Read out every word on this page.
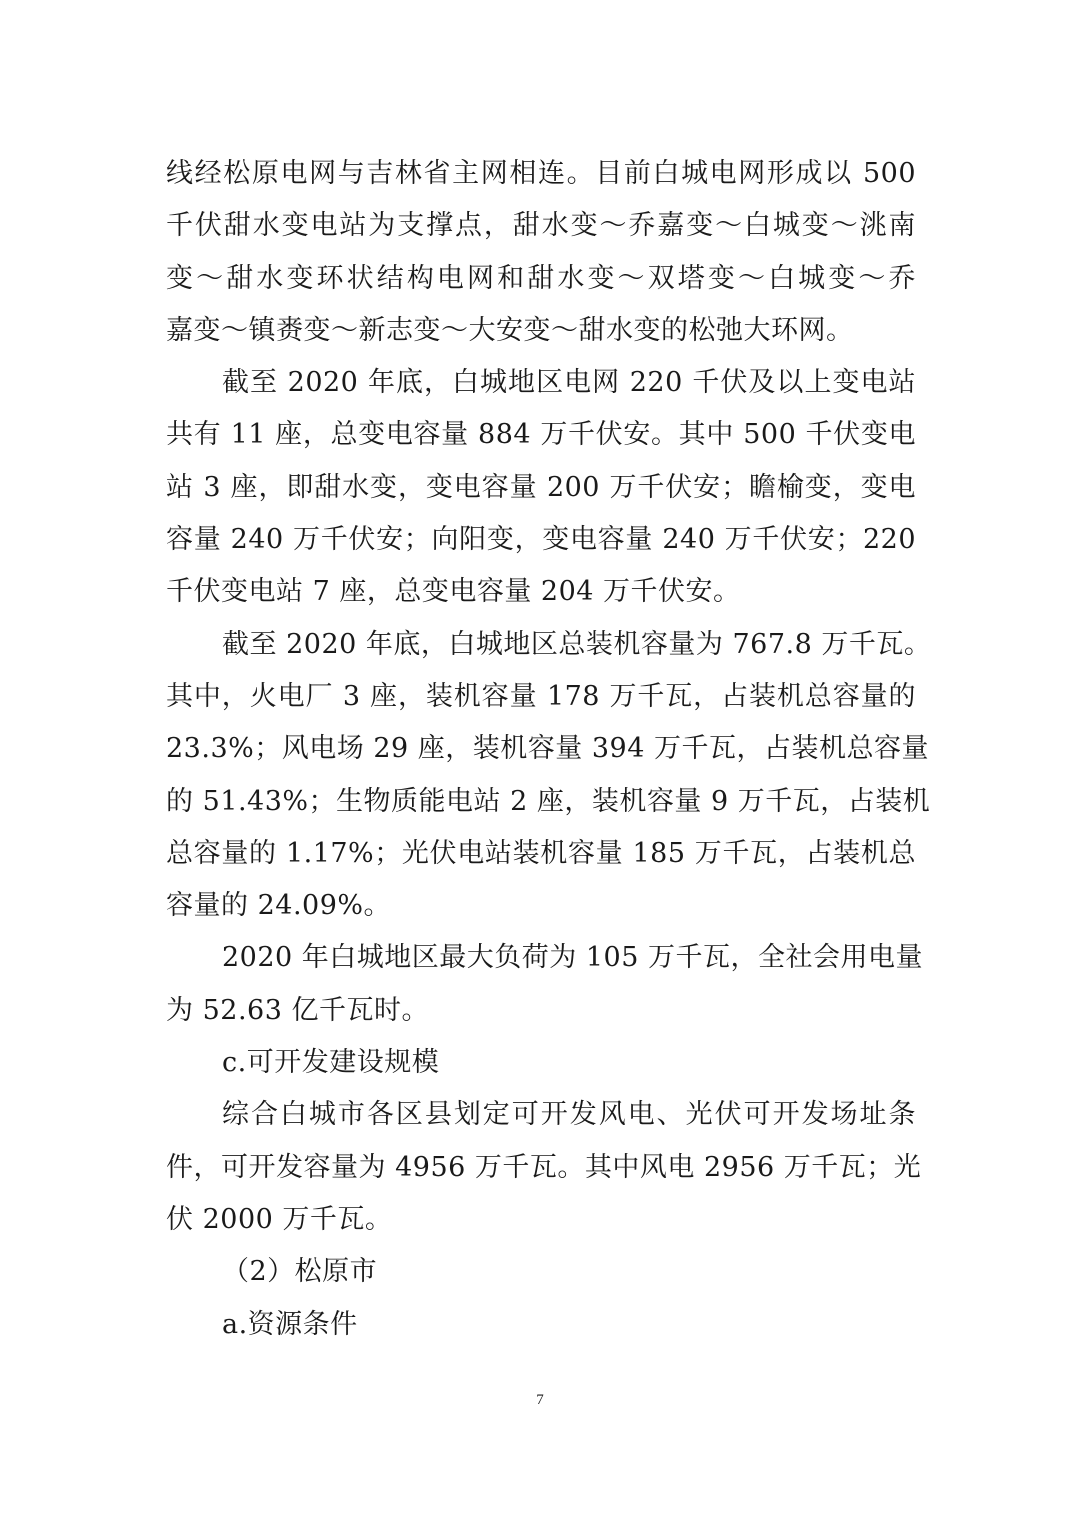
线经松原电网与吉林省主网相连。目前白城电网形成以 500
千伏甜水变电站为支撑点，甜水变～乔嘉变～白城变～洮南
变～甜水变环状结构电网和甜水变～双塔变～白城变～乔
嘉变～镇赉变～新志变～大安变～甜水变的松弛大环网。
截至 2020 年底，白城地区电网 220 千伏及以上变电站
共有 11 座，总变电容量 884 万千伏安。其中 500 千伏变电
站 3 座，即甜水变，变电容量 200 万千伏安；瞻榆变，变电
容量 240 万千伏安；向阳变，变电容量 240 万千伏安；220
千伏变电站 7 座，总变电容量 204 万千伏安。
截至 2020 年底，白城地区总装机容量为 767.8 万千瓦。
其中，火电厂 3 座，装机容量 178 万千瓦，占装机总容量的
23.3%；风电场 29 座，装机容量 394 万千瓦，占装机总容量
的 51.43%；生物质能电站 2 座，装机容量 9 万千瓦，占装机
总容量的 1.17%；光伏电站装机容量 185 万千瓦，占装机总
容量的 24.09%。
2020 年白城地区最大负荷为 105 万千瓦，全社会用电量
为 52.63 亿千瓦时。
c.可开发建设规模
综合白城市各区县划定可开发风电、光伏可开发场址条
件，可开发容量为 4956 万千瓦。其中风电 2956 万千瓦；光
伏 2000 万千瓦。
（2）松原市
a.资源条件
7
